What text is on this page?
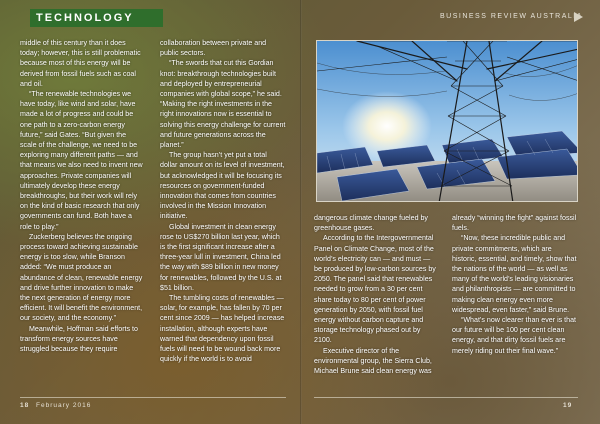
TECHNOLOGY	BUSINESS REVIEW AUSTRALIA

middle of this century than it does today; however, this is still problematic because most of this energy will be derived from fossil fuels such as coal and oil.

“The renewable technologies we have today, like wind and solar, have made a lot of progress and could be one path to a zero-carbon energy future,” said Gates. “But given the scale of the challenge, we need to be exploring many different paths — and that means we also need to invent new approaches. Private companies will ultimately develop these energy breakthroughs, but their work will rely on the kind of basic research that only governments can fund. Both have a role to play.”

Zuckerberg believes the ongoing process toward achieving sustainable energy is too slow, while Branson added: “We must produce an abundance of clean, renewable energy and drive further innovation to make the next generation of energy more efficient. It will benefit the environment, our society, and the economy.”

Meanwhile, Hoffman said efforts to transform energy sources have struggled because they require

collaboration between private and public sectors.

“The swords that cut this Gordian knot: breakthrough technologies built and deployed by entrepreneurial companies with global scope,” he said. “Making the right investments in the right innovations now is essential to solving this energy challenge for current and future generations across the planet.”

The group hasn’t yet put a total dollar amount on its level of investment, but acknowledged it will be focusing its resources on government-funded innovation that comes from countries involved in the Mission Innovation initiative.

Global investment in clean energy rose to US$270 billion last year, which is the first significant increase after a three-year lull in investment, China led the way with $89 billion in new money for renewables, followed by the U.S. at $51 billion.

The tumbling costs of renewables — solar, for example, has fallen by 70 per cent since 2009 — has helped increase installation, although experts have warned that dependency upon fossil fuels will need to be wound back more quickly if the world is to avoid

dangerous climate change fueled by greenhouse gases.

According to the Intergovernmental Panel on Climate Change, most of the world’s electricity can — and must — be produced by low-carbon sources by 2050. The panel said that renewables needed to grow from a 30 per cent share today to 80 per cent of power generation by 2050, with fossil fuel energy without carbon capture and storage technology phased out by 2100.

Executive director of the environmental group, the Sierra Club, Michael Brune said clean energy was

already “winning the fight” against fossil fuels.

“Now, these incredible public and private commitments, which are historic, essential, and timely, show that the nations of the world — as well as many of the world’s leading visionaries and philanthropists — are committed to making clean energy even more widespread, even faster,” said Brune.

“What’s now clearer than ever is that our future will be 100 per cent clean energy, and that dirty fossil fuels are merely riding out their final wave.”

18 February 2016	19
